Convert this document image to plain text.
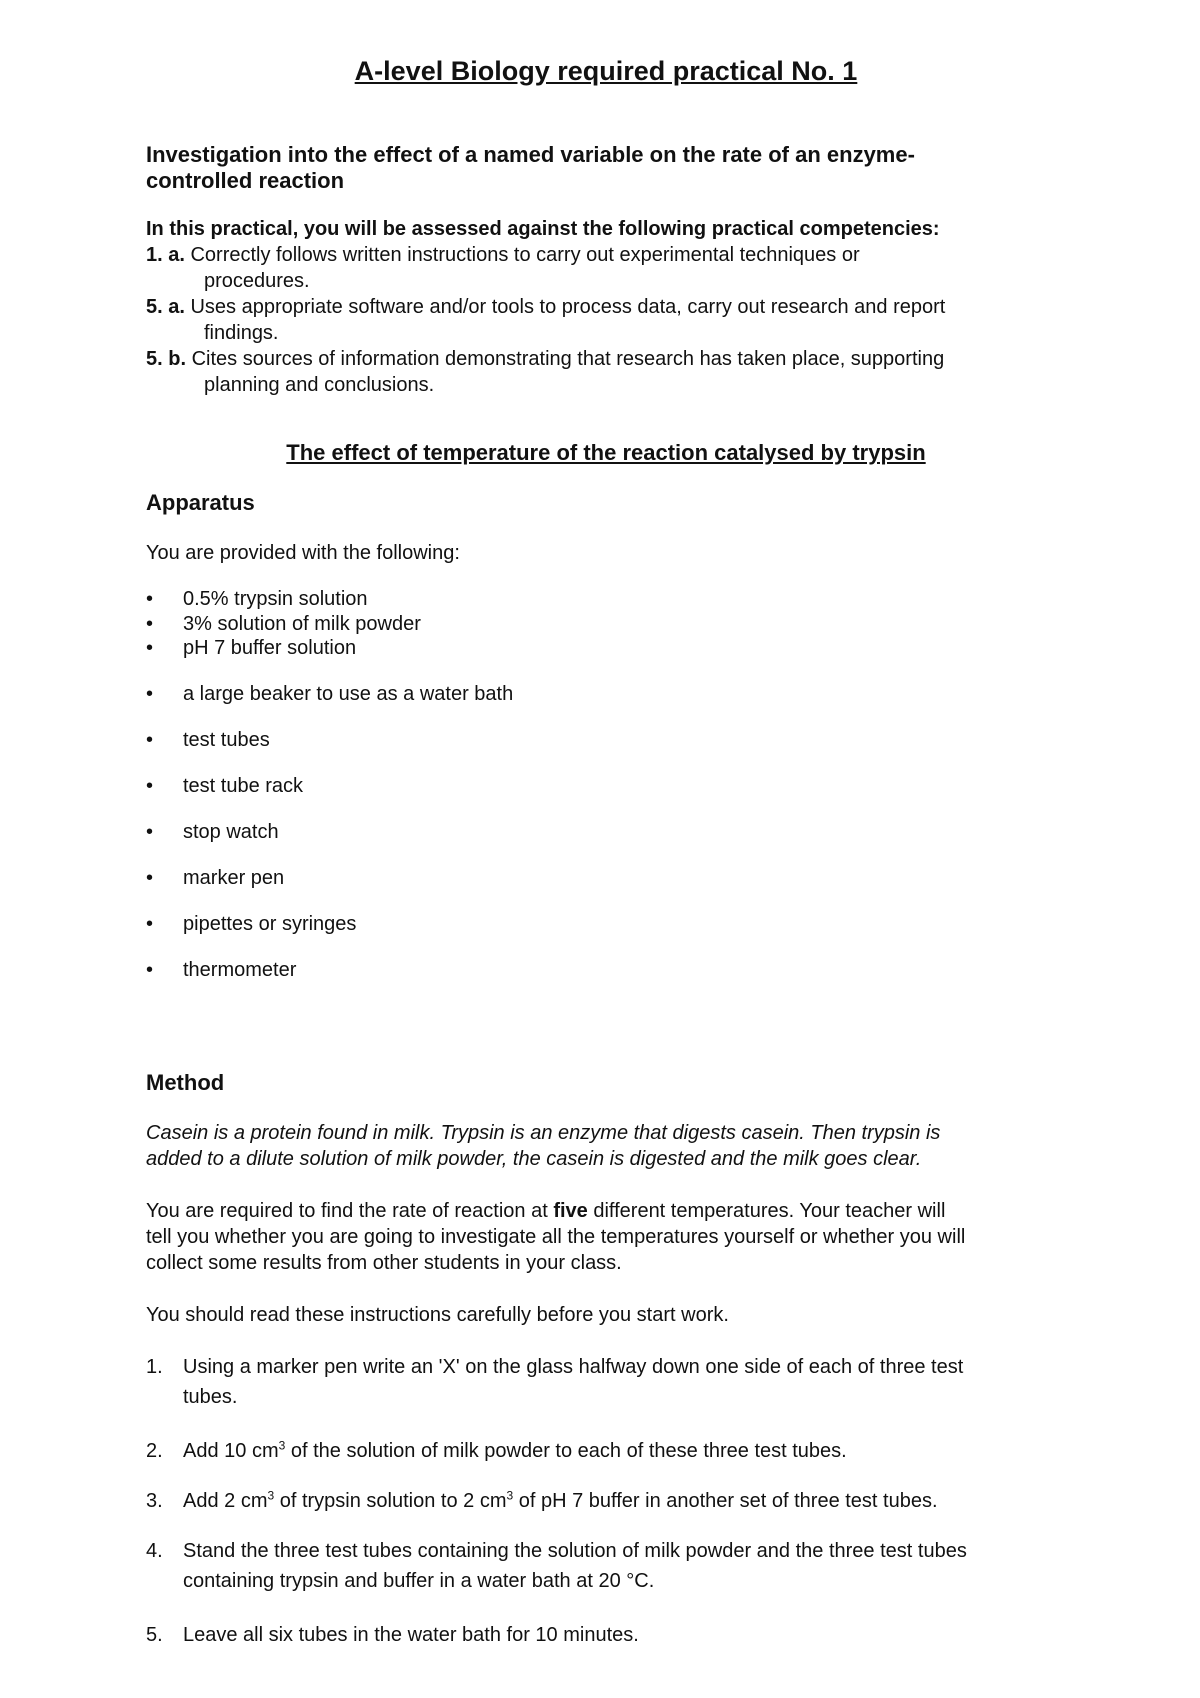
A-level Biology required practical No. 1
Investigation into the effect of a named variable on the rate of an enzyme-
controlled reaction
In this practical, you will be assessed against the following practical competencies:
1. a. Correctly follows written instructions to carry out experimental techniques or
procedures.
5. a. Uses appropriate software and/or tools to process data, carry out research and report
findings.
5. b. Cites sources of information demonstrating that research has taken place, supporting
planning and conclusions.
The effect of temperature of the reaction catalysed by trypsin
Apparatus
You are provided with the following:
• 0.5% trypsin solution
• 3% solution of milk powder
• pH 7 buffer solution
• a large beaker to use as a water bath
• test tubes
• test tube rack
• stop watch
• marker pen
• pipettes or syringes
• thermometer
Method
Casein is a protein found in milk. Trypsin is an enzyme that digests casein. Then trypsin is
added to a dilute solution of milk powder, the casein is digested and the milk goes clear.
You are required to find the rate of reaction at five different temperatures. Your teacher will
tell you whether you are going to investigate all the temperatures yourself or whether you will
collect some results from other students in your class.
You should read these instructions carefully before you start work.
1. Using a marker pen write an 'X' on the glass halfway down one side of each of three test tubes.
2. Add 10 $cm^3$ of the solution of milk powder to each of these three test tubes.
3. Add 2 $cm^3$ of trypsin solution to 2 $cm^3$ of pH 7 buffer in another set of three test tubes.
4. Stand the three test tubes containing the solution of milk powder and the three test tubes containing trypsin and buffer in a water bath at 20 °C.
5. Leave all six tubes in the water bath for 10 minutes.
